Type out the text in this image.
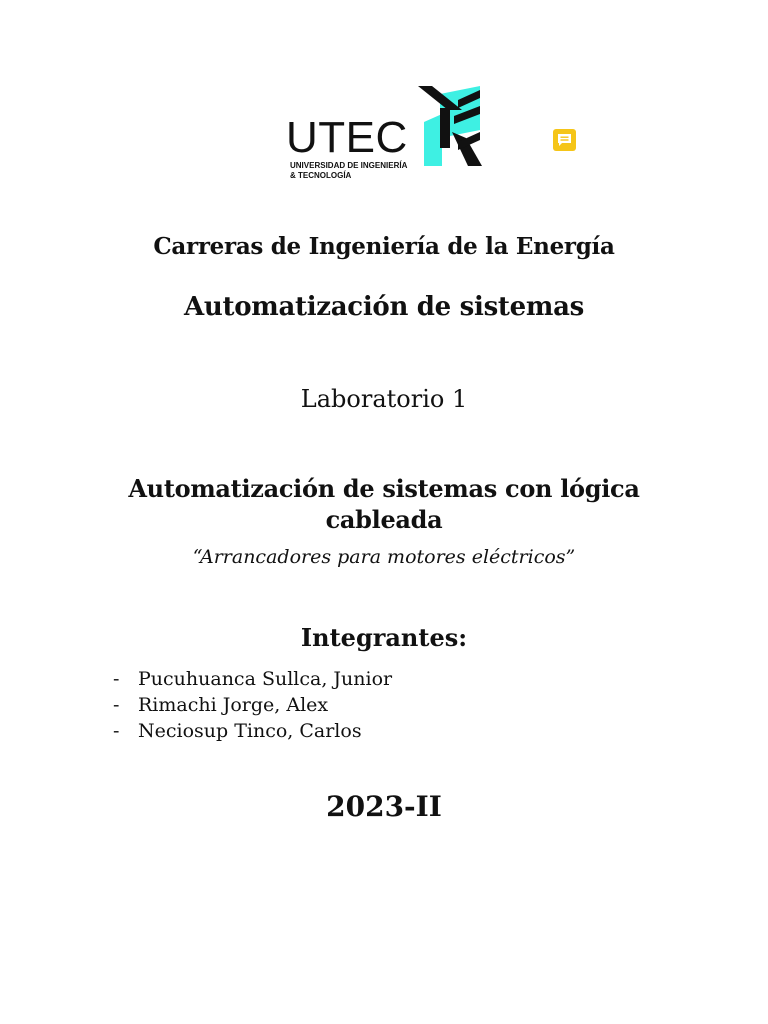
UTEC
UNIVERSIDAD DE INGENIERÍA
& TECNOLOGÍA
Carreras de Ingeniería de la Energía
Automatización de sistemas
Laboratorio 1
Automatización de sistemas con lógica cableada
“Arrancadores para motores eléctricos”
Integrantes:
- Pucuhuanca Sullca, Junior
- Rimachi Jorge, Alex
- Neciosup Tinco, Carlos
2023-II
